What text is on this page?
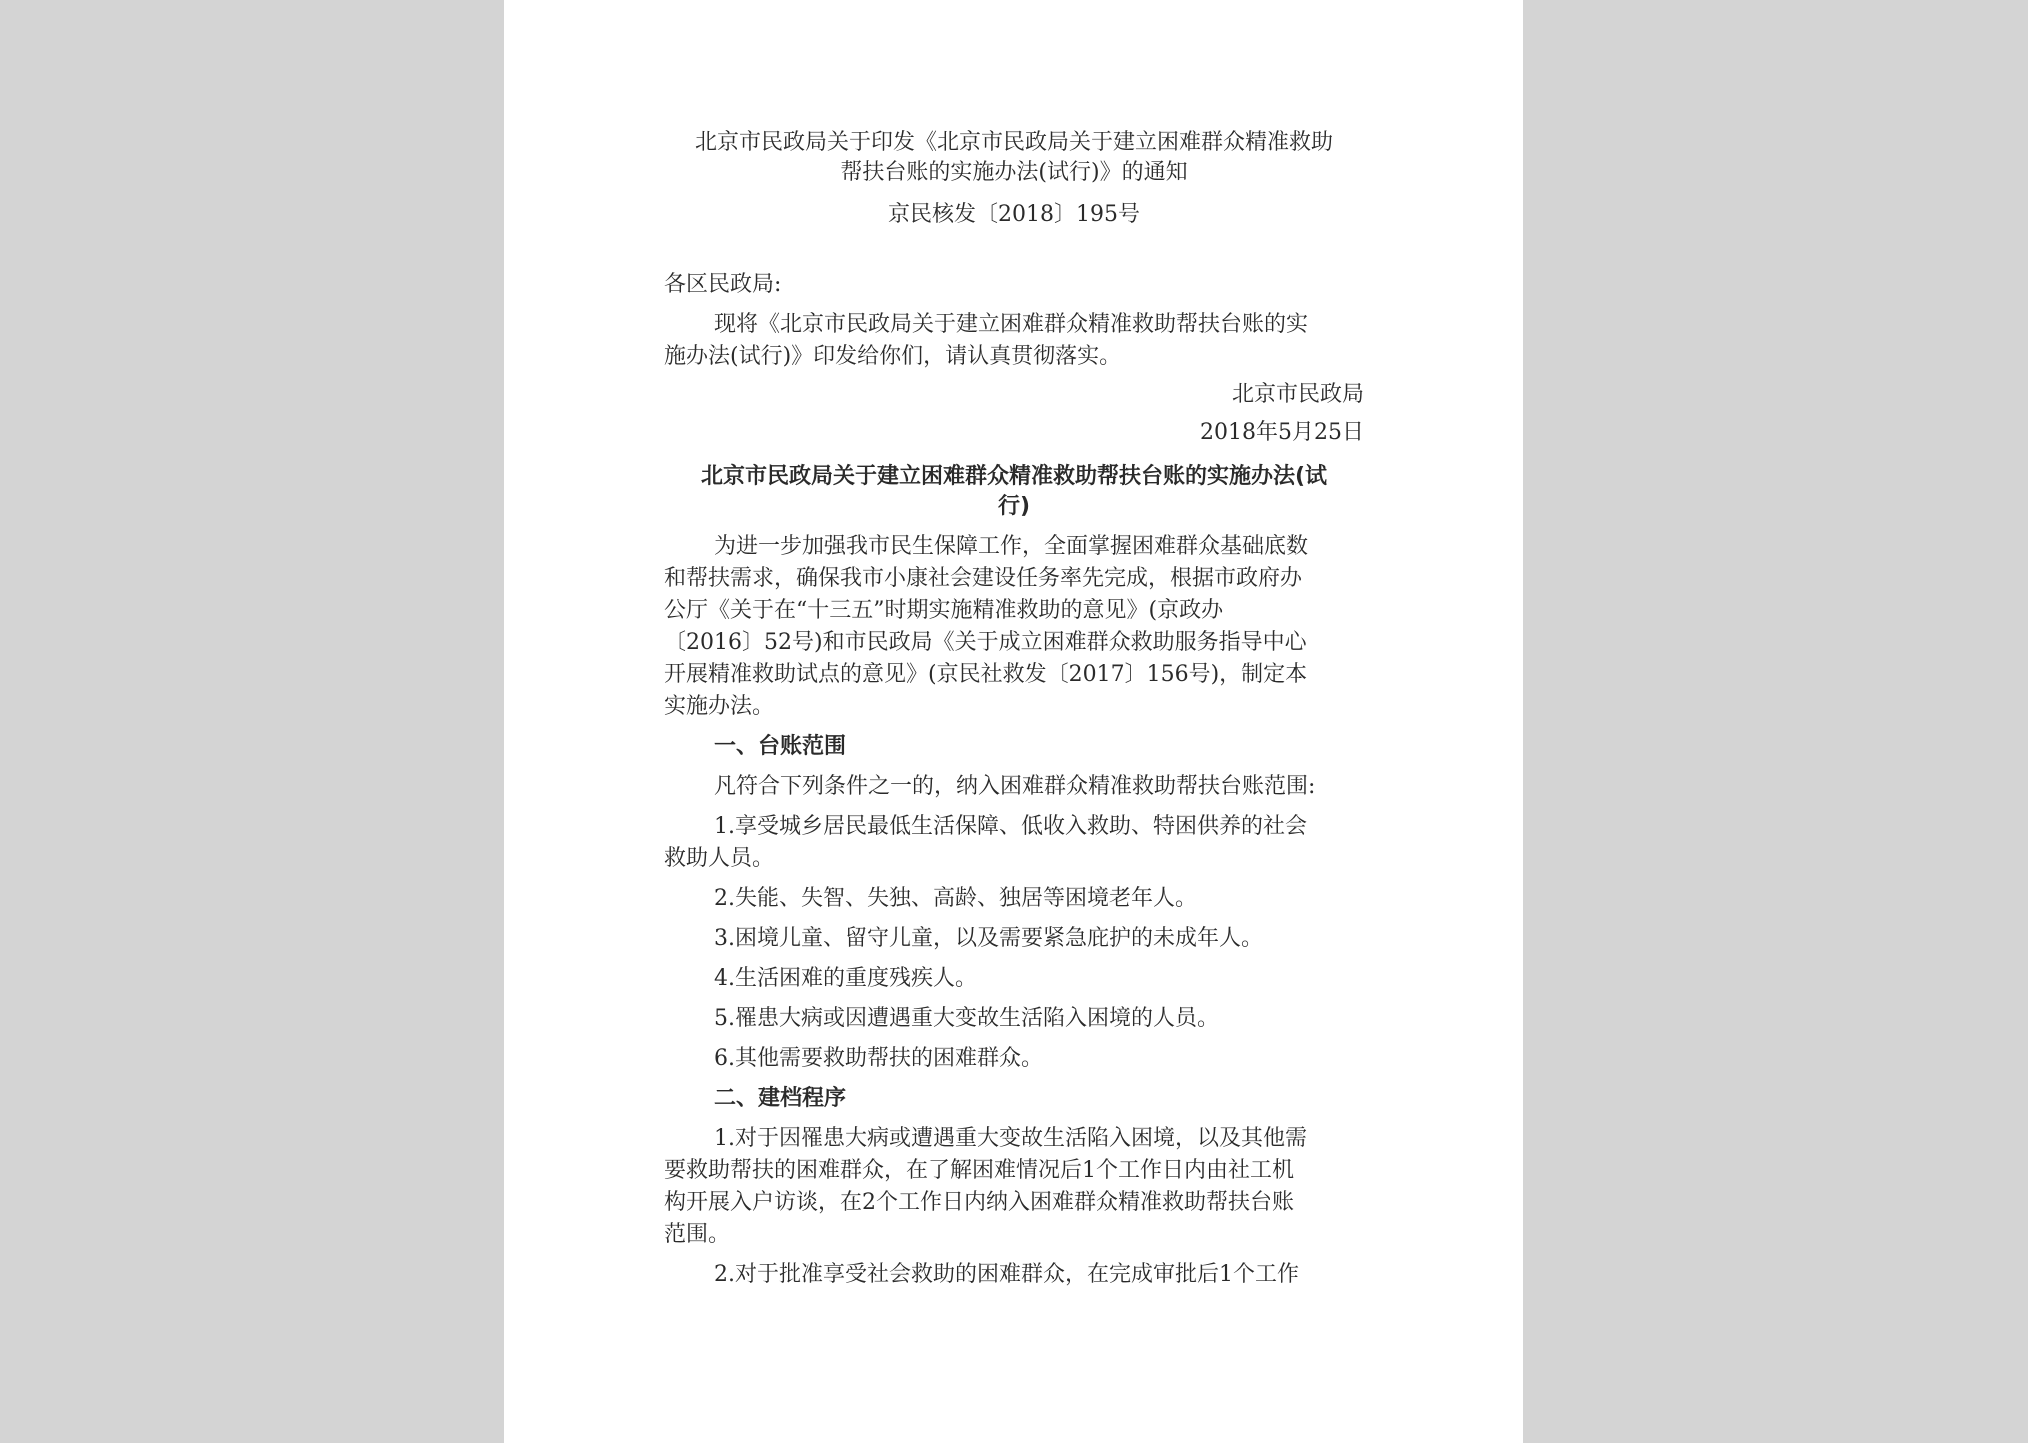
北京市民政局关于印发《北京市民政局关于建立困难群众精准救助
帮扶台账的实施办法(试行)》的通知
京民核发〔2018〕195号
各区民政局:
现将《北京市民政局关于建立困难群众精准救助帮扶台账的实
施办法(试行)》印发给你们，请认真贯彻落实。
北京市民政局
2018年5月25日
北京市民政局关于建立困难群众精准救助帮扶台账的实施办法(试
行)
为进一步加强我市民生保障工作，全面掌握困难群众基础底数
和帮扶需求，确保我市小康社会建设任务率先完成，根据市政府办
公厅《关于在“十三五”时期实施精准救助的意见》(京政办
〔2016〕52号)和市民政局《关于成立困难群众救助服务指导中心
开展精准救助试点的意见》(京民社救发〔2017〕156号)，制定本
实施办法。
一、台账范围
凡符合下列条件之一的，纳入困难群众精准救助帮扶台账范围:
1.享受城乡居民最低生活保障、低收入救助、特困供养的社会
救助人员。
2.失能、失智、失独、高龄、独居等困境老年人。
3.困境儿童、留守儿童，以及需要紧急庇护的未成年人。
4.生活困难的重度残疾人。
5.罹患大病或因遭遇重大变故生活陷入困境的人员。
6.其他需要救助帮扶的困难群众。
二、建档程序
1.对于因罹患大病或遭遇重大变故生活陷入困境，以及其他需
要救助帮扶的困难群众，在了解困难情况后1个工作日内由社工机
构开展入户访谈，在2个工作日内纳入困难群众精准救助帮扶台账
范围。
2.对于批准享受社会救助的困难群众，在完成审批后1个工作
